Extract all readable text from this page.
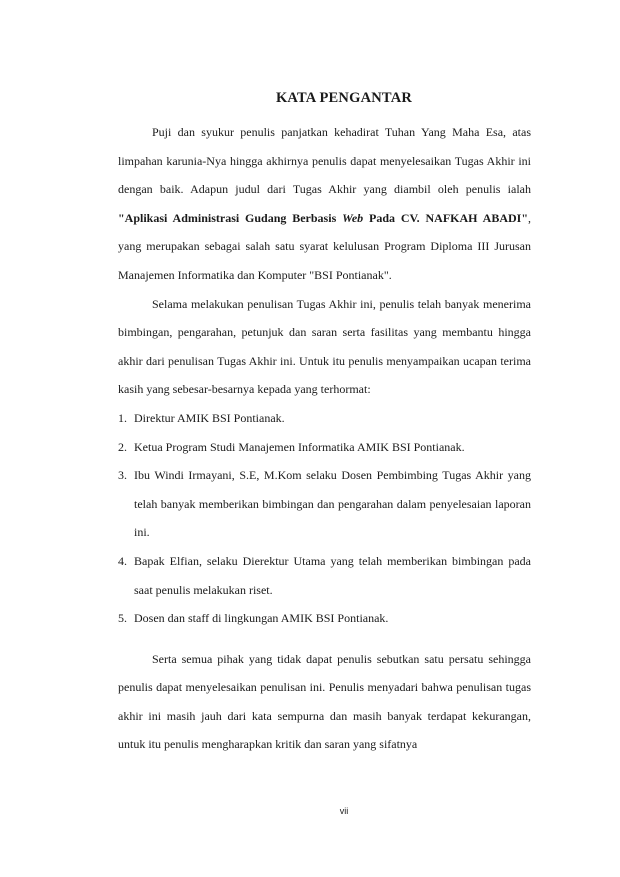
KATA PENGANTAR

Puji dan syukur penulis panjatkan kehadirat Tuhan Yang Maha Esa, atas limpahan karunia-Nya hingga akhirnya penulis dapat menyelesaikan Tugas Akhir ini dengan baik. Adapun judul dari Tugas Akhir yang diambil oleh penulis ialah "Aplikasi Administrasi Gudang Berbasis Web Pada CV. NAFKAH ABADI", yang merupakan sebagai salah satu syarat kelulusan Program Diploma III Jurusan Manajemen Informatika dan Komputer "BSI Pontianak".

Selama melakukan penulisan Tugas Akhir ini, penulis telah banyak menerima bimbingan, pengarahan, petunjuk dan saran serta fasilitas yang membantu hingga akhir dari penulisan Tugas Akhir ini. Untuk itu penulis menyampaikan ucapan terima kasih yang sebesar-besarnya kepada yang terhormat:

1. Direktur AMIK BSI Pontianak.
2. Ketua Program Studi Manajemen Informatika AMIK BSI Pontianak.
3. Ibu Windi Irmayani, S.E, M.Kom selaku Dosen Pembimbing Tugas Akhir yang telah banyak memberikan bimbingan dan pengarahan dalam penyelesaian laporan ini.
4. Bapak Elfian, selaku Dierektur Utama yang telah memberikan bimbingan pada saat penulis melakukan riset.
5. Dosen dan staff di lingkungan AMIK BSI Pontianak.

Serta semua pihak yang tidak dapat penulis sebutkan satu persatu sehingga penulis dapat menyelesaikan penulisan ini. Penulis menyadari bahwa penulisan tugas akhir ini masih jauh dari kata sempurna dan masih banyak terdapat kekurangan, untuk itu penulis mengharapkan kritik dan saran yang sifatnya

vii
